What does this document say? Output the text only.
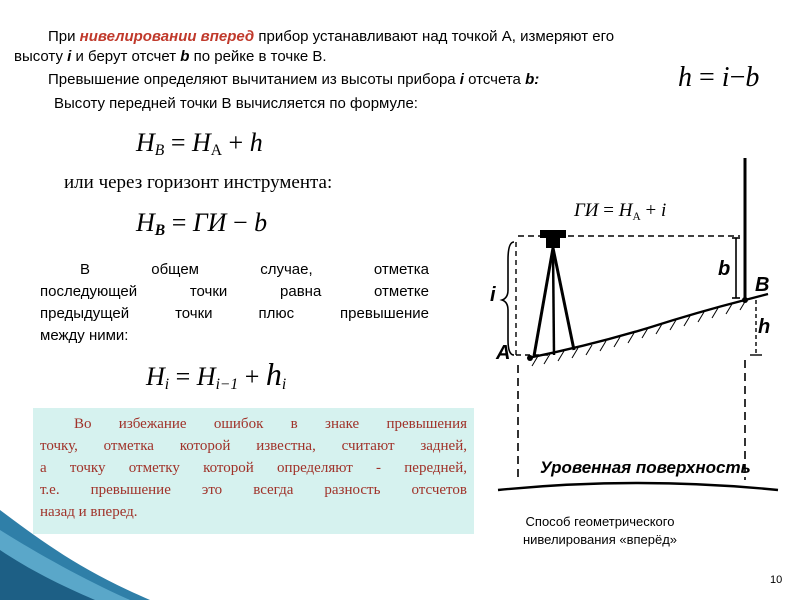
При нивелировании вперед прибор устанавливают над точкой А, измеряют его
высоту i и берут отсчет b по рейке в точке В.
Превышение определяют вычитанием из высоты прибора i отсчета b:	h = i−b
Высоту передней точки В вычисляется по формуле:
$H_B = H_A + h$
или через горизонт инструмента:
$H_B$ = ГИ − b
В общем случае, отметка
последующей точки равна отметке
предыдущей точки плюс превышение
между ними:
$H_i = H_{i-1} + h_i$
Во избежание ошибок в знаке превышения
точку, отметка которой известна, считают задней,
а точку отметку которой определяют - передней,
т.е. превышение это всегда разность отсчетов
назад и вперед.
ГИ = $H_A + i$
b
B
i
A
h
Уровенная поверхность
Способ геометрического
нивелирования «вперёд»
10
